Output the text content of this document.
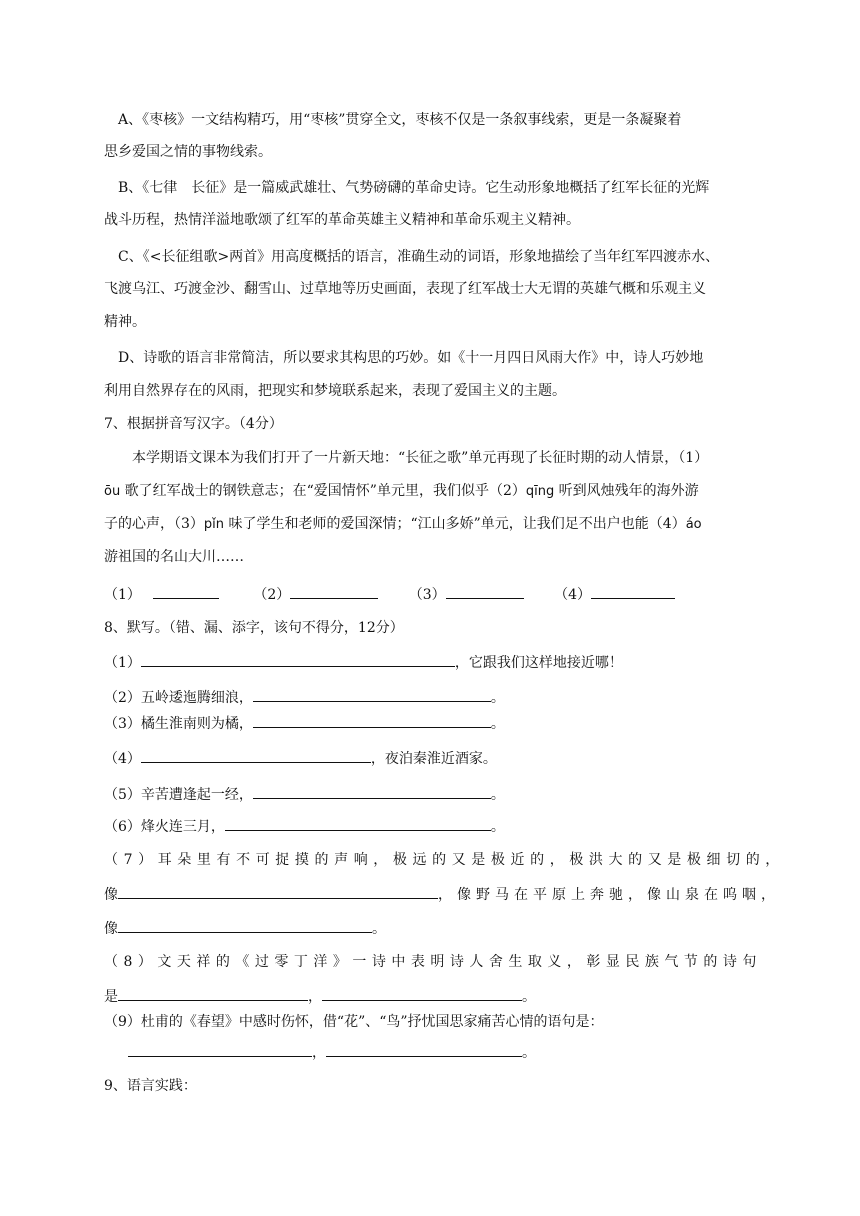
A、《枣核》一文结构精巧，用“枣核”贯穿全文，枣核不仅是一条叙事线索，更是一条凝聚着
思乡爱国之情的事物线索。
B、《七律　长征》是一篇威武雄壮、气势磅礴的革命史诗。它生动形象地概括了红军长征的光辉
战斗历程，热情洋溢地歌颂了红军的革命英雄主义精神和革命乐观主义精神。
C、《<长征组歌>两首》用高度概括的语言，准确生动的词语，形象地描绘了当年红军四渡赤水、
飞渡乌江、巧渡金沙、翻雪山、过草地等历史画面，表现了红军战士大无谓的英雄气概和乐观主义
精神。
D、诗歌的语言非常简洁，所以要求其构思的巧妙。如《十一月四日风雨大作》中，诗人巧妙地
利用自然界存在的风雨，把现实和梦境联系起来，表现了爱国主义的主题。
7、根据拼音写汉字。（4分）
本学期语文课本为我们打开了一片新天地：“长征之歌”单元再现了长征时期的动人情景，（1）
ōu 歌了红军战士的钢铁意志；在“爱国情怀”单元里，我们似乎（2）qīng 听到风烛残年的海外游
子的心声，（3）pǐn 味了学生和老师的爱国深情；“江山多娇”单元，让我们足不出户也能（4）áo
游祖国的名山大川……
（1）	（2）	（3）	（4）
8、默写。（错、漏、添字，该句不得分，12分）
（1）	，它跟我们这样地接近哪！
（2）五岭逶迤腾细浪，	。
（3）橘生淮南则为橘，	。
（4）	，夜泊秦淮近酒家。
（5）辛苦遭逢起一经，	。
（6）烽火连三月，	。
（7）耳朵里有不可捉摸的声响，极远的又是极近的，极洪大的又是极细切的，
像	，像野马在平原上奔驰，像山泉在呜咽，
像	。
（8）文天祥的《过零丁洋》一诗中表明诗人舍生取义，彰显民族气节的诗句
是	，	。
（9）杜甫的《春望》中感时伤怀，借“花”、“鸟”抒忧国思家痛苦心情的语句是：
，	。
9、语言实践：
